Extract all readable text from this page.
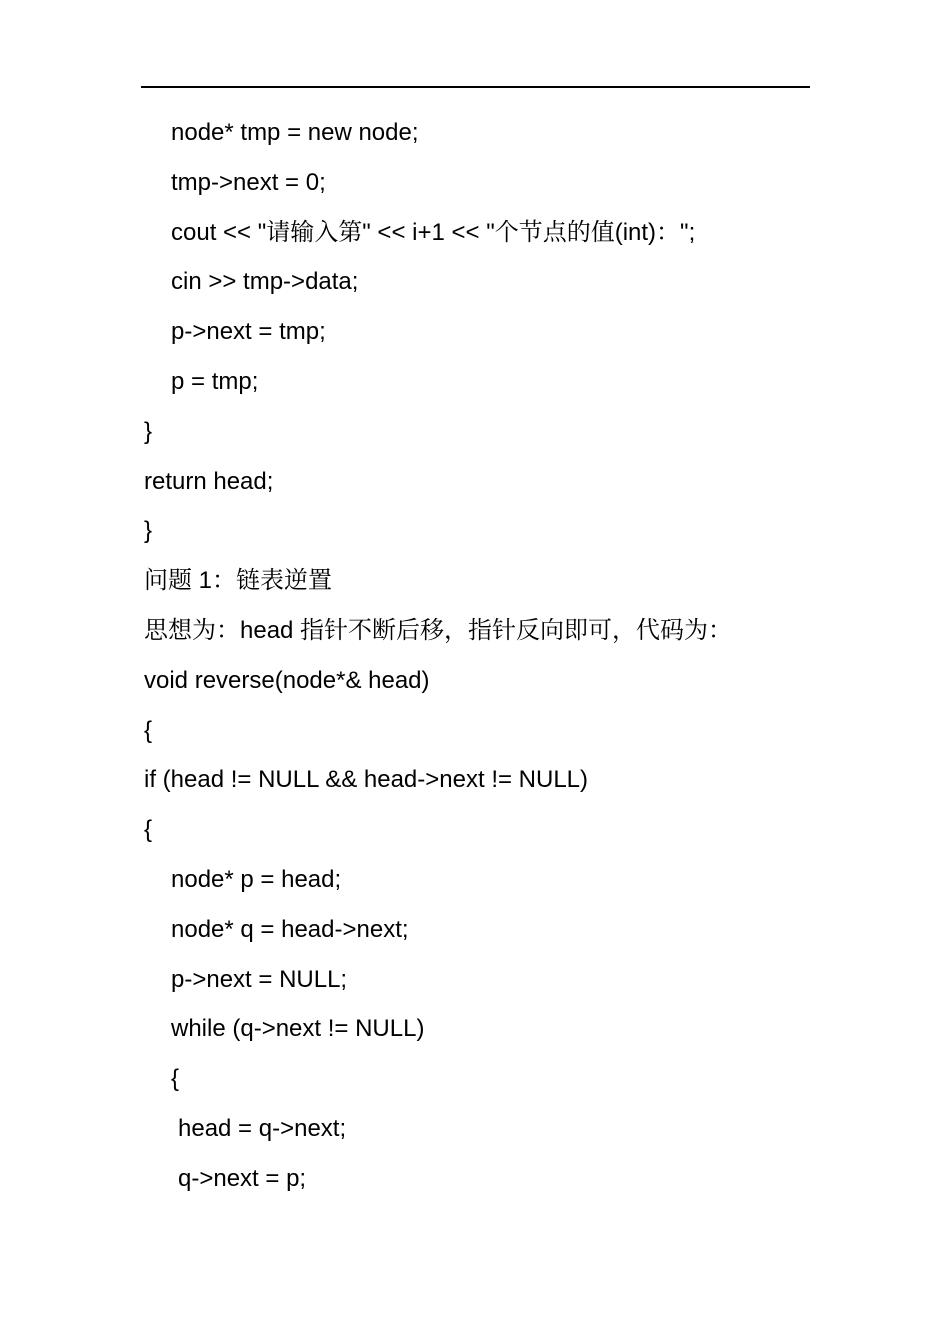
node* tmp = new node;
tmp->next = 0;
cout << "请输入第" << i+1 << "个节点的值(int)：";
cin >> tmp->data;
p->next = tmp;
p = tmp;
}
return head;
}
问题 1：链表逆置
思想为：head 指针不断后移，指针反向即可，代码为：
void reverse(node*& head)
{
if (head != NULL && head->next != NULL)
{
node* p = head;
node* q = head->next;
p->next = NULL;
while (q->next != NULL)
{
head = q->next;
q->next = p;
